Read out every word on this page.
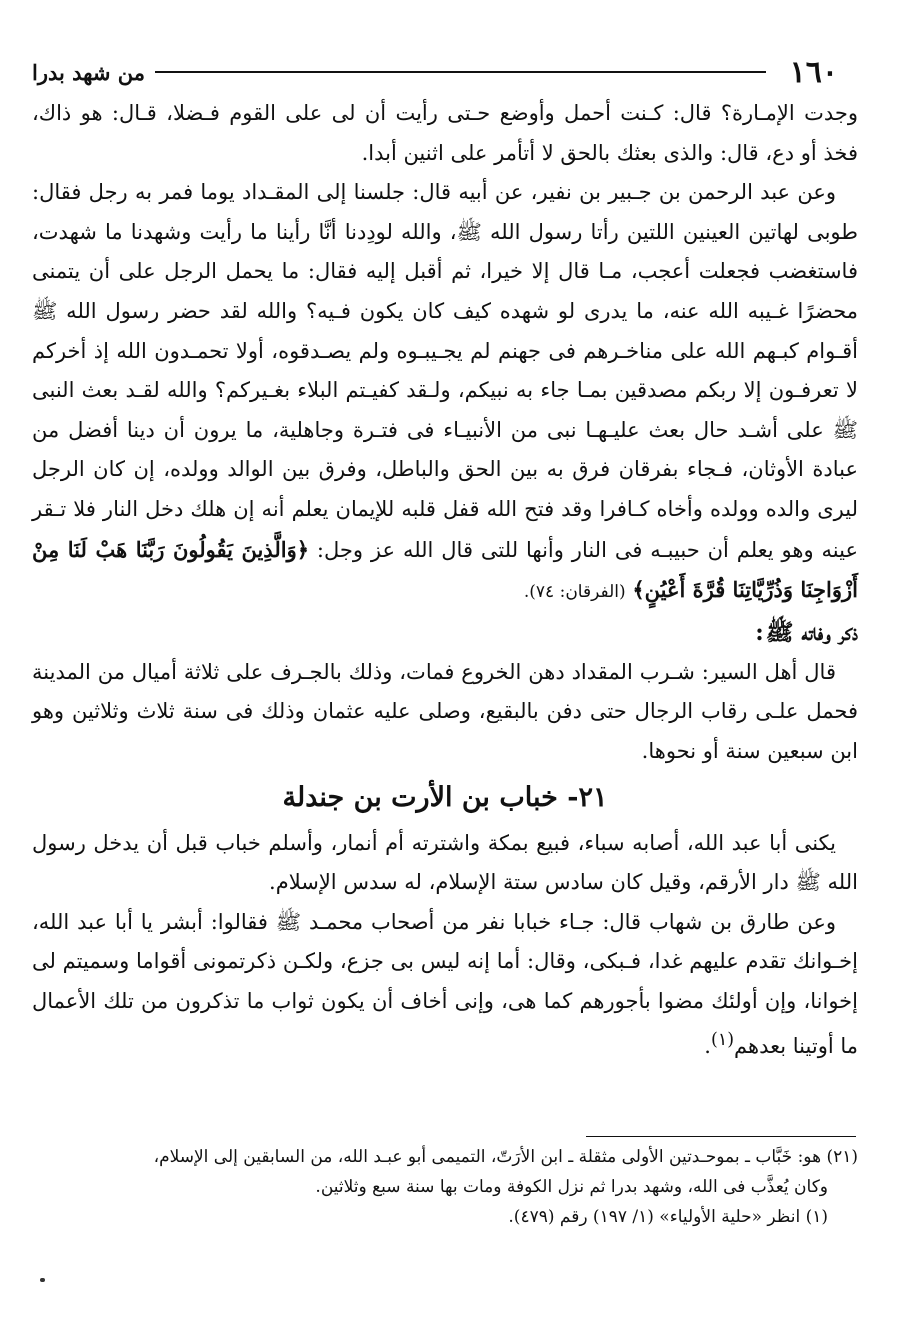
١٦٠
من شهد بدرا

وجدت الإمـارة؟ قال: كـنت أحمل وأوضع حـتى رأيت أن لى على القوم فـضلا، قـال: هو ذاك، فخذ أو دع، قال: والذى بعثك بالحق لا أتأمر على اثنين أبدا.

وعن عبد الرحمن بن جـبير بن نفير، عن أبيه قال: جلسنا إلى المقـداد يوما فمر به رجل فقال: طوبى لهاتين العينين اللتين رأتا رسول الله ﷺ، والله لودِدنا أنَّا رأينا ما رأيت وشهدنا ما شهدت، فاستغضب فجعلت أعجب، مـا قال إلا خيرا، ثم أقبل إليه فقال: ما يحمل الرجل على أن يتمنى محضرًا غـيبه الله عنه، ما يدرى لو شهده كيف كان يكون فـيه؟ والله لقد حضر رسول الله ﷺ أقـوام كبـهم الله على مناخـرهم فى جهنم لم يجـيبـوه ولم يصـدقوه، أولا تحمـدون الله إذ أخركم لا تعرفـون إلا ربكم مصدقين بمـا جاء به نبيكم، ولـقد كفيـتم البلاء بغـيركم؟ والله لقـد بعث النبى ﷺ على أشـد حال بعث عليـهـا نبى من الأنبيـاء فى فتـرة وجاهلية، ما يرون أن دينا أفضل من عبادة الأوثان، فـجاء بفرقان فرق به بين الحق والباطل، وفرق بين الوالد وولده، إن كان الرجل ليرى والده وولده وأخاه كـافرا وقد فتح الله قفل قلبه للإيمان يعلم أنه إن هلك دخل النار فلا تـقر عينه وهو يعلم أن حبيبـه فى النار وأنها للتى قال الله عز وجل: ﴿وَالَّذِينَ يَقُولُونَ رَبَّنَا هَبْ لَنَا مِنْ أَزْوَاجِنَا وَذُرِّيَّاتِنَا قُرَّةَ أَعْيُنٍ﴾ (الفرقان: ٧٤).

ذكر وفاته ﷺ:

قال أهل السير: شـرب المقداد دهن الخروع فمات، وذلك بالجـرف على ثلاثة أميال من المدينة فحمل علـى رقاب الرجال حتى دفن بالبقيع، وصلى عليه عثمان وذلك فى سنة ثلاث وثلاثين وهو ابن سبعين سنة أو نحوها.

٢١- خباب بن الأرت بن جندلة

يكنى أبا عبد الله، أصابه سباء، فبيع بمكة واشترته أم أنمار، وأسلم خباب قبل أن يدخل رسول الله ﷺ دار الأرقم، وقيل كان سادس ستة الإسلام، له سدس الإسلام.

وعن طارق بن شهاب قال: جـاء خبابا نفر من أصحاب محمـد ﷺ فقالوا: أبشر يا أبا عبد الله، إخـوانك تقدم عليهم غدا، فـبكى، وقال: أما إنه ليس بى جزع، ولكـن ذكرتمونى أقواما وسميتم لى إخوانا، وإن أولئك مضوا بأجورهم كما هى، وإنى أخاف أن يكون ثواب ما تذكرون من تلك الأعمال ما أوتينا بعدهم$^{(١)}$.

(٢١) هو: خَبَّاب ـ بموحـدتين الأولى مثقلة ـ ابن الأرَتّ، التميمى أبو عبـد الله، من السابقين إلى الإسلام،

وكان يُعذَّب فى الله، وشهد بدرا ثم نزل الكوفة ومات بها سنة سبع وثلاثين.

(١) انظر «حلية الأولياء» (١/ ١٩٧) رقم (٤٧٩).
